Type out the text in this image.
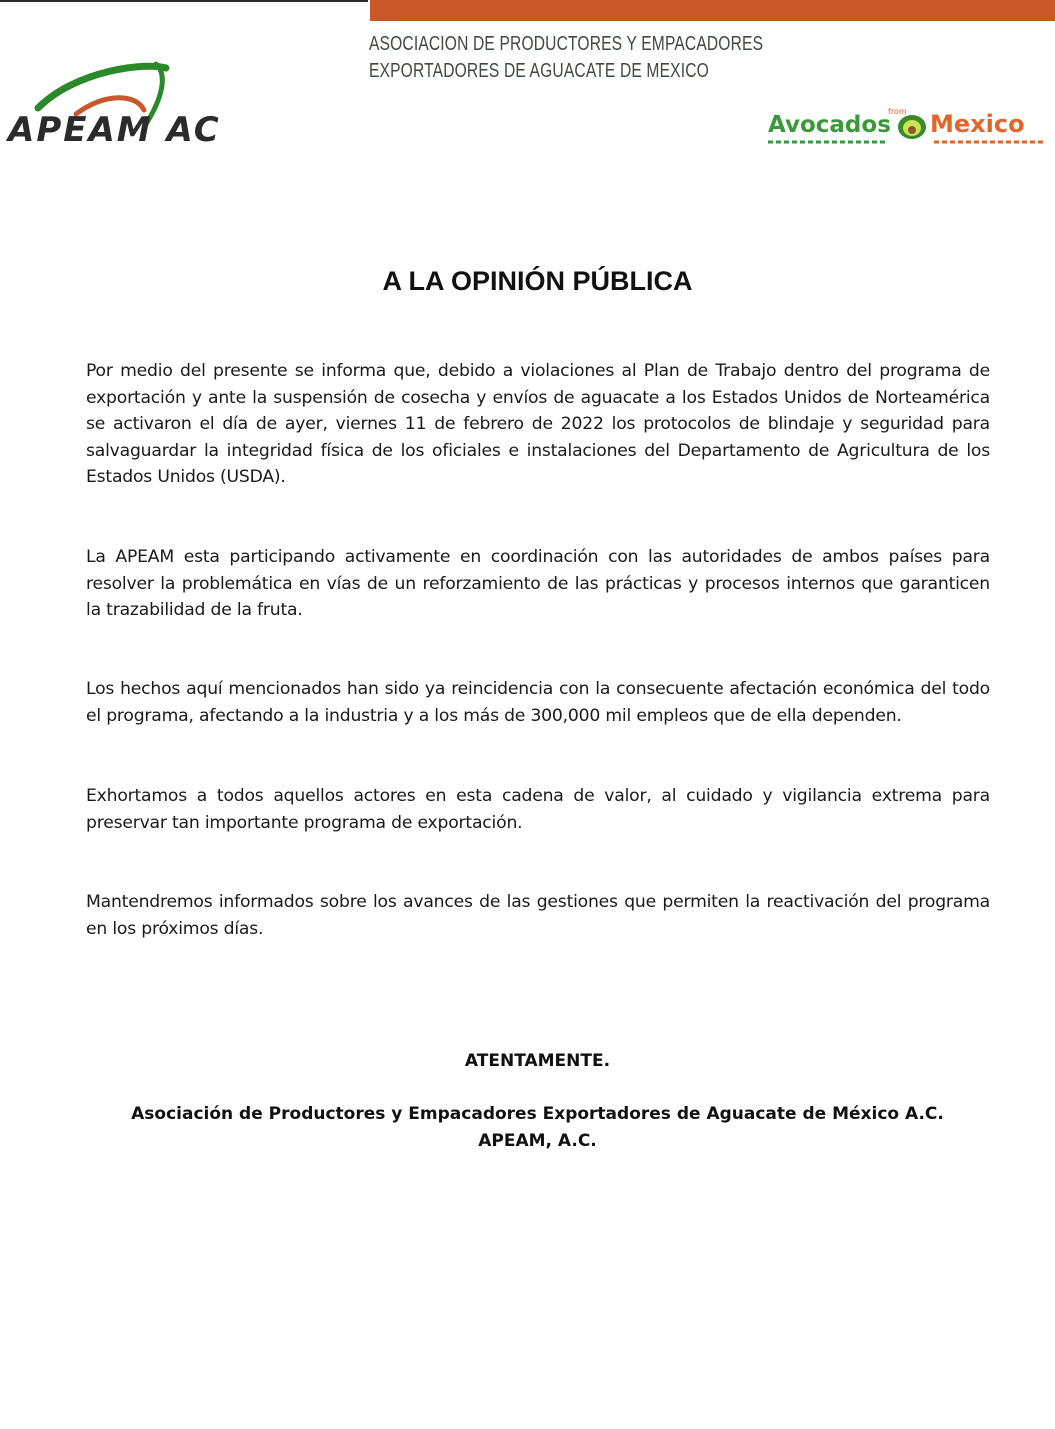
ASOCIACION DE PRODUCTORES Y EMPACADORES
EXPORTADORES DE AGUACATE DE MEXICO
APEAM AC	Avocados
from Mexico
A LA OPINIÓN PÚBLICA
Por medio del presente se informa que, debido a violaciones al Plan de Trabajo dentro del programa de exportación y ante la suspensión de cosecha y envíos de aguacate a los Estados Unidos de Norteamérica se activaron el día de ayer, viernes 11 de febrero de 2022 los protocolos de blindaje y seguridad para salvaguardar la integridad física de los oficiales e instalaciones del Departamento de Agricultura de los Estados Unidos (USDA).
La APEAM esta participando activamente en coordinación con las autoridades de ambos países para resolver la problemática en vías de un reforzamiento de las prácticas y procesos internos que garanticen la trazabilidad de la fruta.
Los hechos aquí mencionados han sido ya reincidencia con la consecuente afectación económica del todo el programa, afectando a la industria y a los más de 300,000 mil empleos que de ella dependen.
Exhortamos a todos aquellos actores en esta cadena de valor, al cuidado y vigilancia extrema para preservar tan importante programa de exportación.
Mantendremos informados sobre los avances de las gestiones que permiten la reactivación del programa en los próximos días.
ATENTAMENTE.
Asociación de Productores y Empacadores Exportadores de Aguacate de México A.C.
APEAM, A.C.
